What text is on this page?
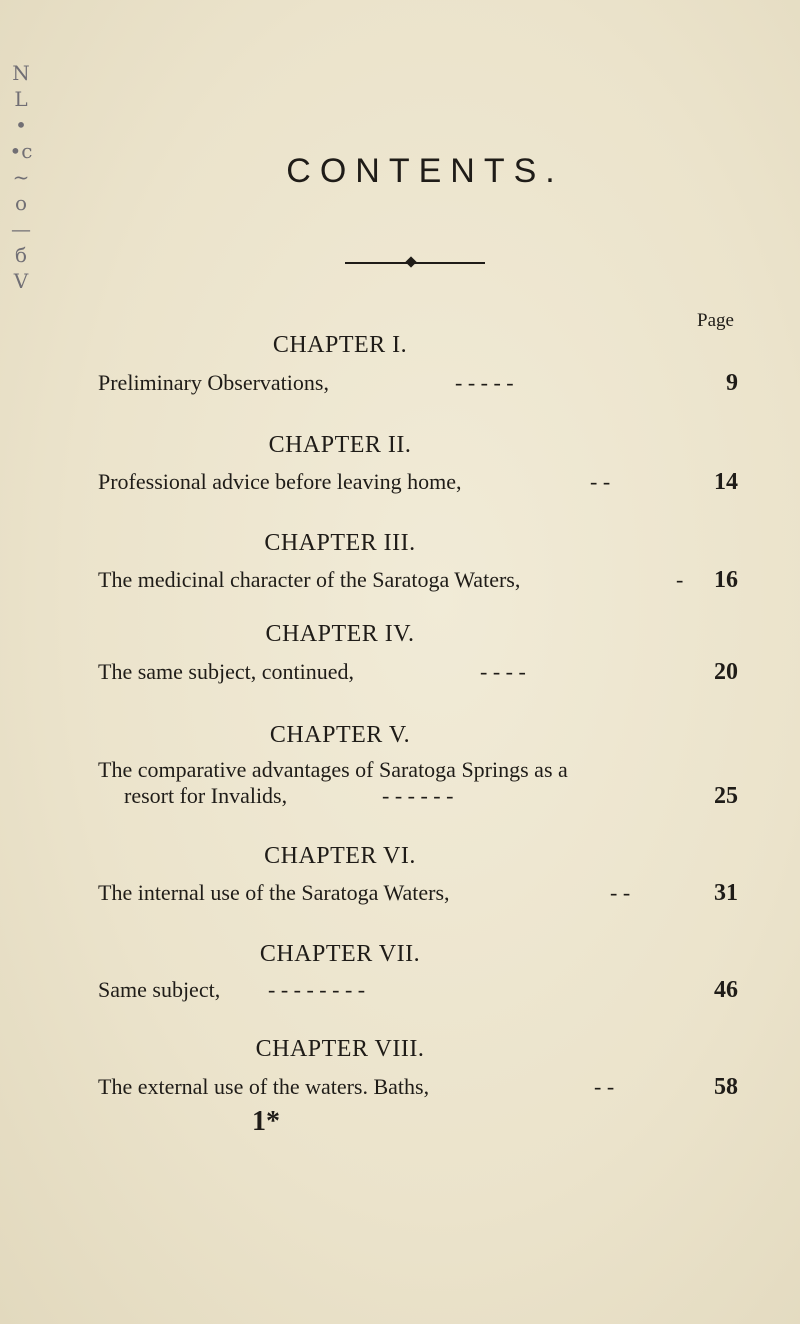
N
L
•
•с
~
o
—
б
V
CONTENTS.
Page
CHAPTER I.
Preliminary Observations,	- - - - -	9
CHAPTER II.
Professional advice before leaving home,	- -	14
CHAPTER III.
The medicinal character of the Saratoga Waters,	- 16
CHAPTER IV.
The same subject, continued,	- - - -	20
CHAPTER V.
The comparative advantages of Saratoga Springs as a
resort for Invalids,	- - - - - -	25
CHAPTER VI.
The internal use of the Saratoga Waters,	- -	31
CHAPTER VII.
Same subject, - - - - - - - -	46
CHAPTER VIII.
The external use of the waters. Baths,	- -	58
1*
